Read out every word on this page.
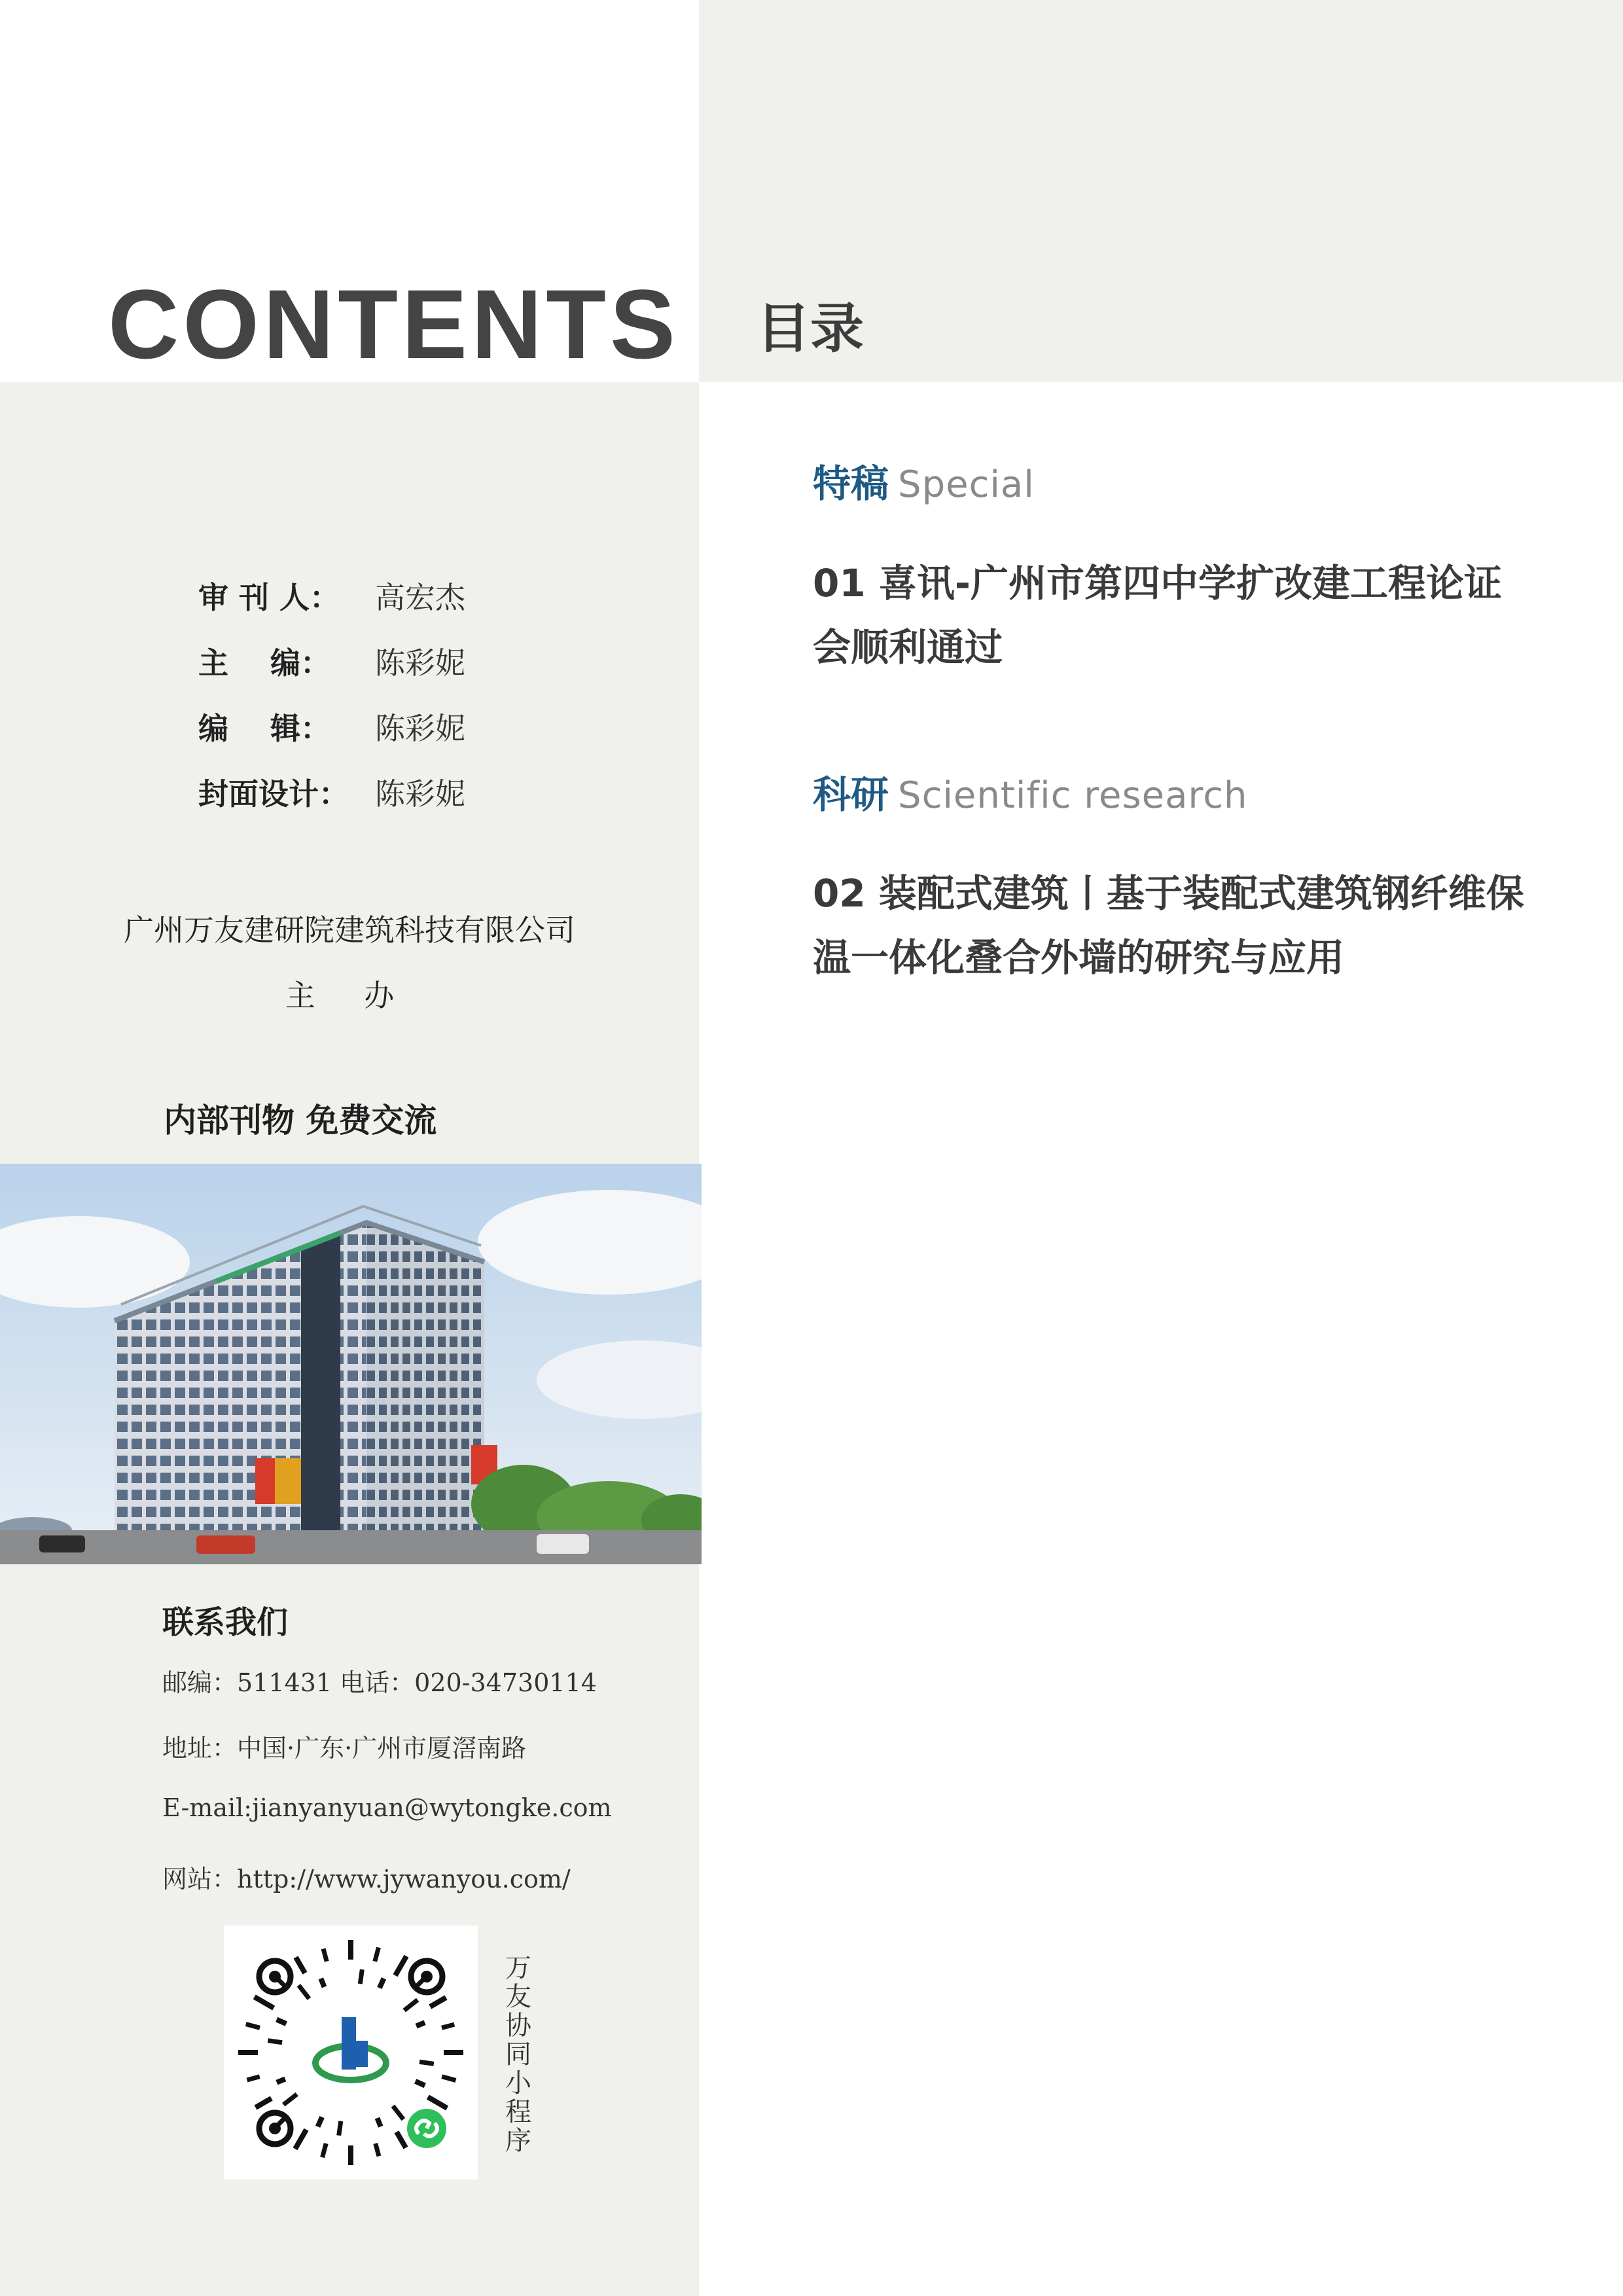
CONTENTS 目录
审 刊 人： 高宏杰
主    编： 陈彩妮
编    辑： 陈彩妮
封面设计： 陈彩妮
广州万友建研院建筑科技有限公司
主 办
内部刊物 免费交流
联系我们
邮编：511431 电话：020-34730114
地址：中国·广东·广州市厦滘南路
E-mail:jianyanyuan@wytongke.com
网站：http://www.jywanyou.com/
万友协同小程序
特稿 Special
01 喜讯-广州市第四中学扩改建工程论证
会顺利通过
科研 Scientific research
02 装配式建筑丨基于装配式建筑钢纤维保
温一体化叠合外墙的研究与应用
